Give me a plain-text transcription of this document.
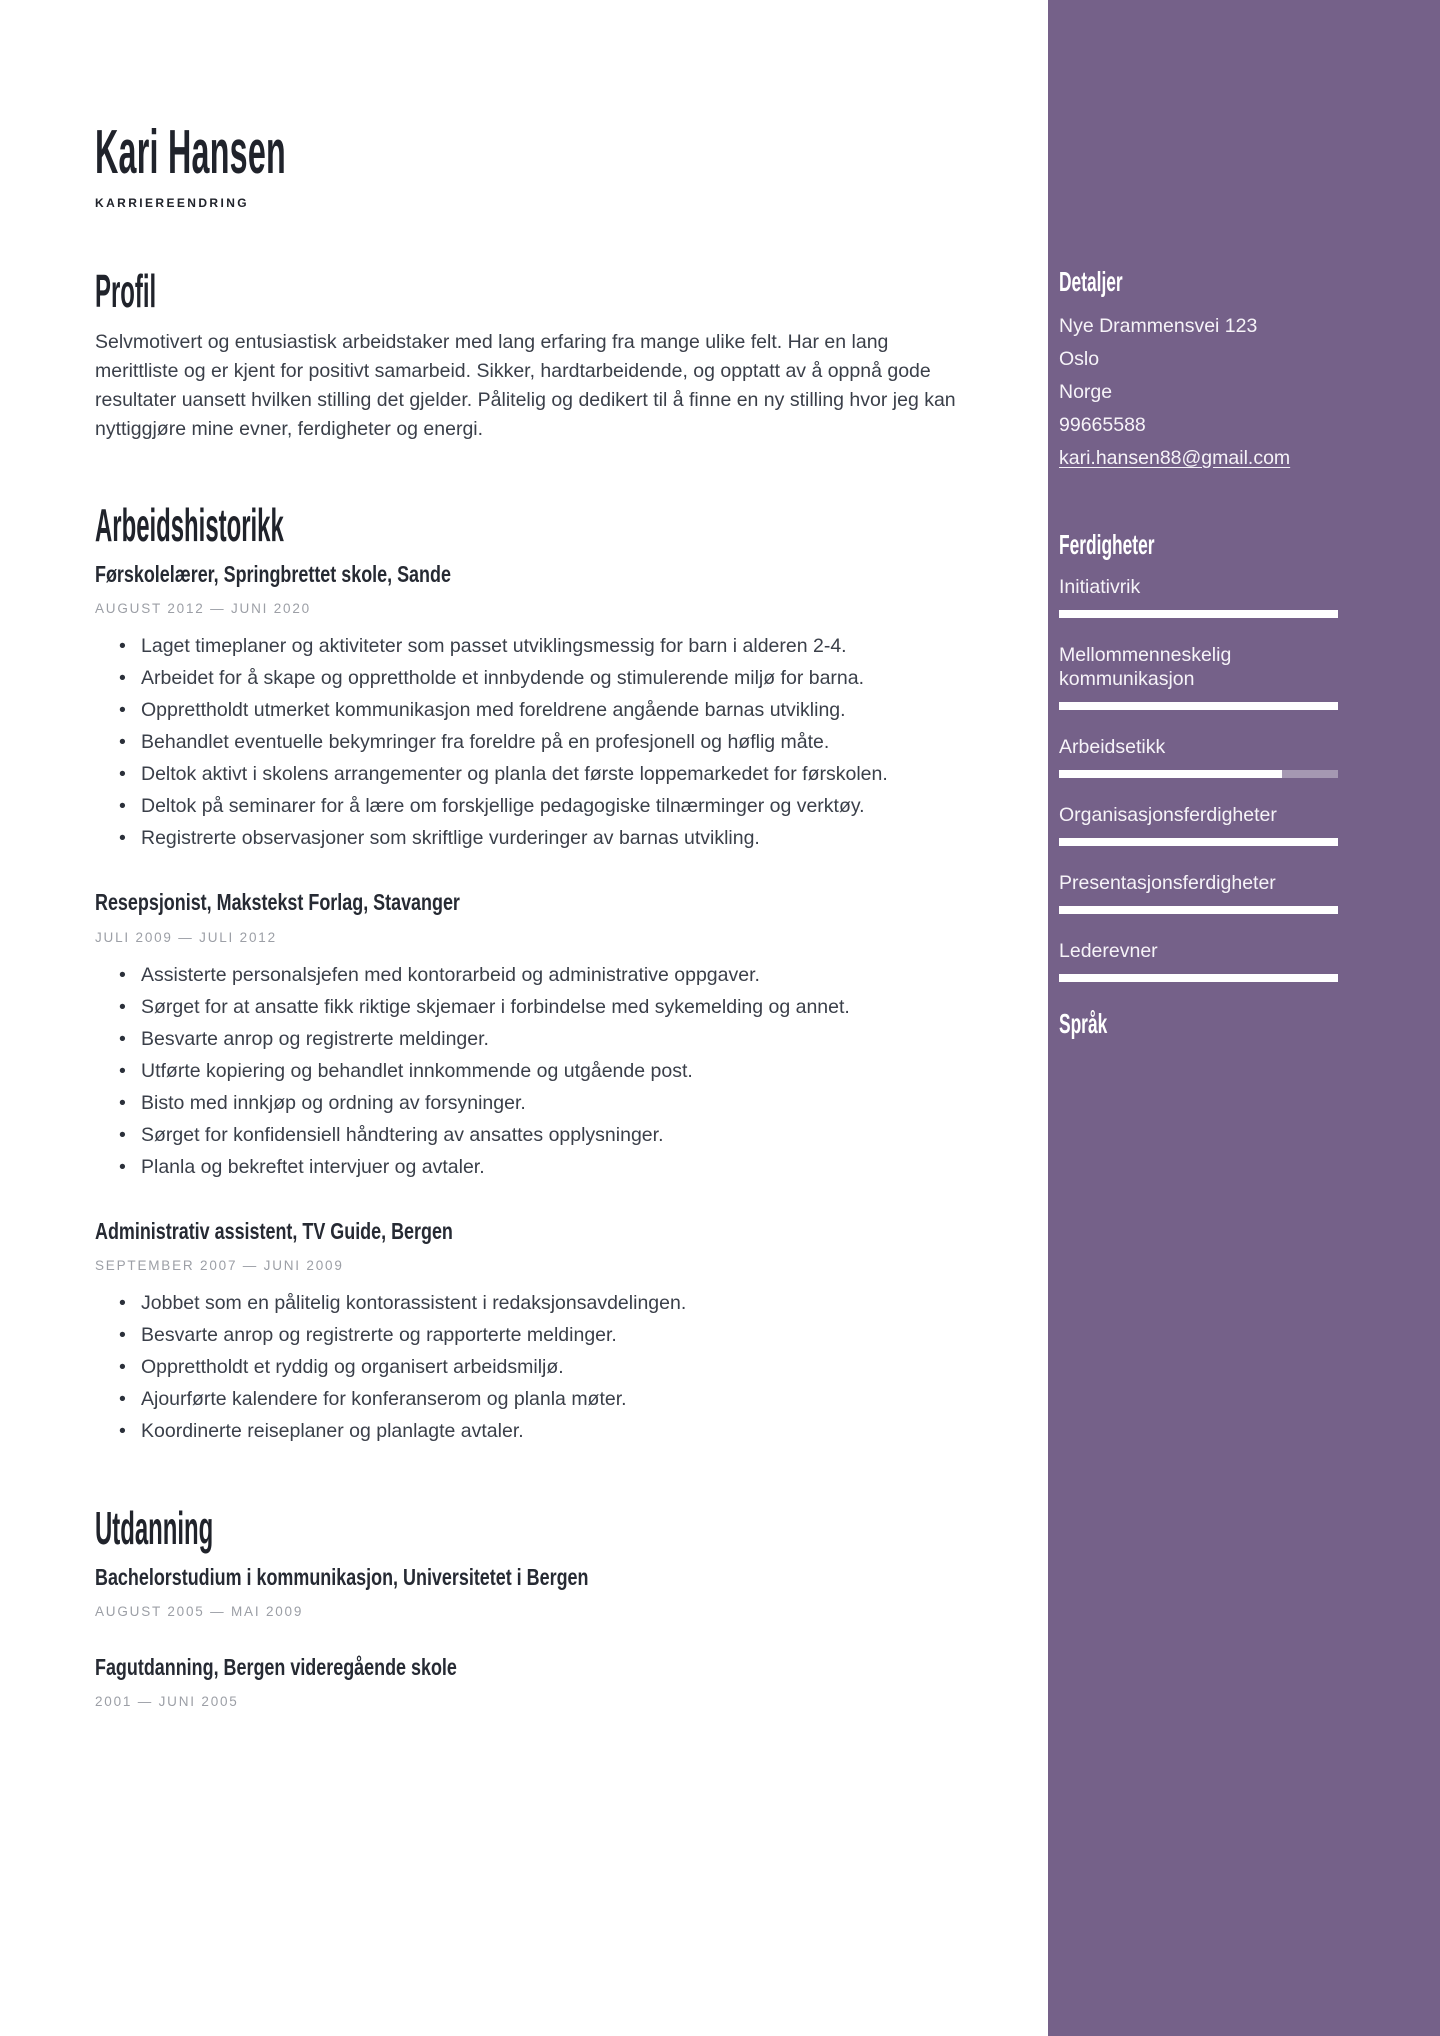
Kari Hansen
KARRIEREENDRING
Profil

Selvmotivert og entusiastisk arbeidstaker med lang erfaring fra mange ulike felt. Har en lang merittliste og er kjent for positivt samarbeid. Sikker, hardtarbeidende, og opptatt av å oppnå gode resultater uansett hvilken stilling det gjelder. Pålitelig og dedikert til å finne en ny stilling hvor jeg kan nyttiggjøre mine evner, ferdigheter og energi.

Arbeidshistorikk
Førskolelærer, Springbrettet skole, Sande
AUGUST 2012 — JUNI 2020
• Laget timeplaner og aktiviteter som passet utviklingsmessig for barn i alderen 2-4.
• Arbeidet for å skape og opprettholde et innbydende og stimulerende miljø for barna.
• Opprettholdt utmerket kommunikasjon med foreldrene angående barnas utvikling.
• Behandlet eventuelle bekymringer fra foreldre på en profesjonell og høflig måte.
• Deltok aktivt i skolens arrangementer og planla det første loppemarkedet for førskolen.
• Deltok på seminarer for å lære om forskjellige pedagogiske tilnærminger og verktøy.
• Registrerte observasjoner som skriftlige vurderinger av barnas utvikling.
Resepsjonist, Makstekst Forlag, Stavanger
JULI 2009 — JULI 2012
• Assisterte personalsjefen med kontorarbeid og administrative oppgaver.
• Sørget for at ansatte fikk riktige skjemaer i forbindelse med sykemelding og annet.
• Besvarte anrop og registrerte meldinger.
• Utførte kopiering og behandlet innkommende og utgående post.
• Bisto med innkjøp og ordning av forsyninger.
• Sørget for konfidensiell håndtering av ansattes opplysninger.
• Planla og bekreftet intervjuer og avtaler.
Administrativ assistent, TV Guide, Bergen
SEPTEMBER 2007 — JUNI 2009
• Jobbet som en pålitelig kontorassistent i redaksjonsavdelingen.
• Besvarte anrop og registrerte og rapporterte meldinger.
• Opprettholdt et ryddig og organisert arbeidsmiljø.
• Ajourførte kalendere for konferanserom og planla møter.
• Koordinerte reiseplaner og planlagte avtaler.
Utdanning
Bachelorstudium i kommunikasjon, Universitetet i Bergen
AUGUST 2005 — MAI 2009
Fagutdanning, Bergen videregående skole
2001 — JUNI 2005
Detaljer
Nye Drammensvei 123
Oslo
Norge
99665588
kari.hansen88@gmail.com
Ferdigheter
Initiativrik
Mellommenneskelig kommunikasjon
Arbeidsetikk
Organisasjonsferdigheter
Presentasjonsferdigheter
Lederevner
Språk
